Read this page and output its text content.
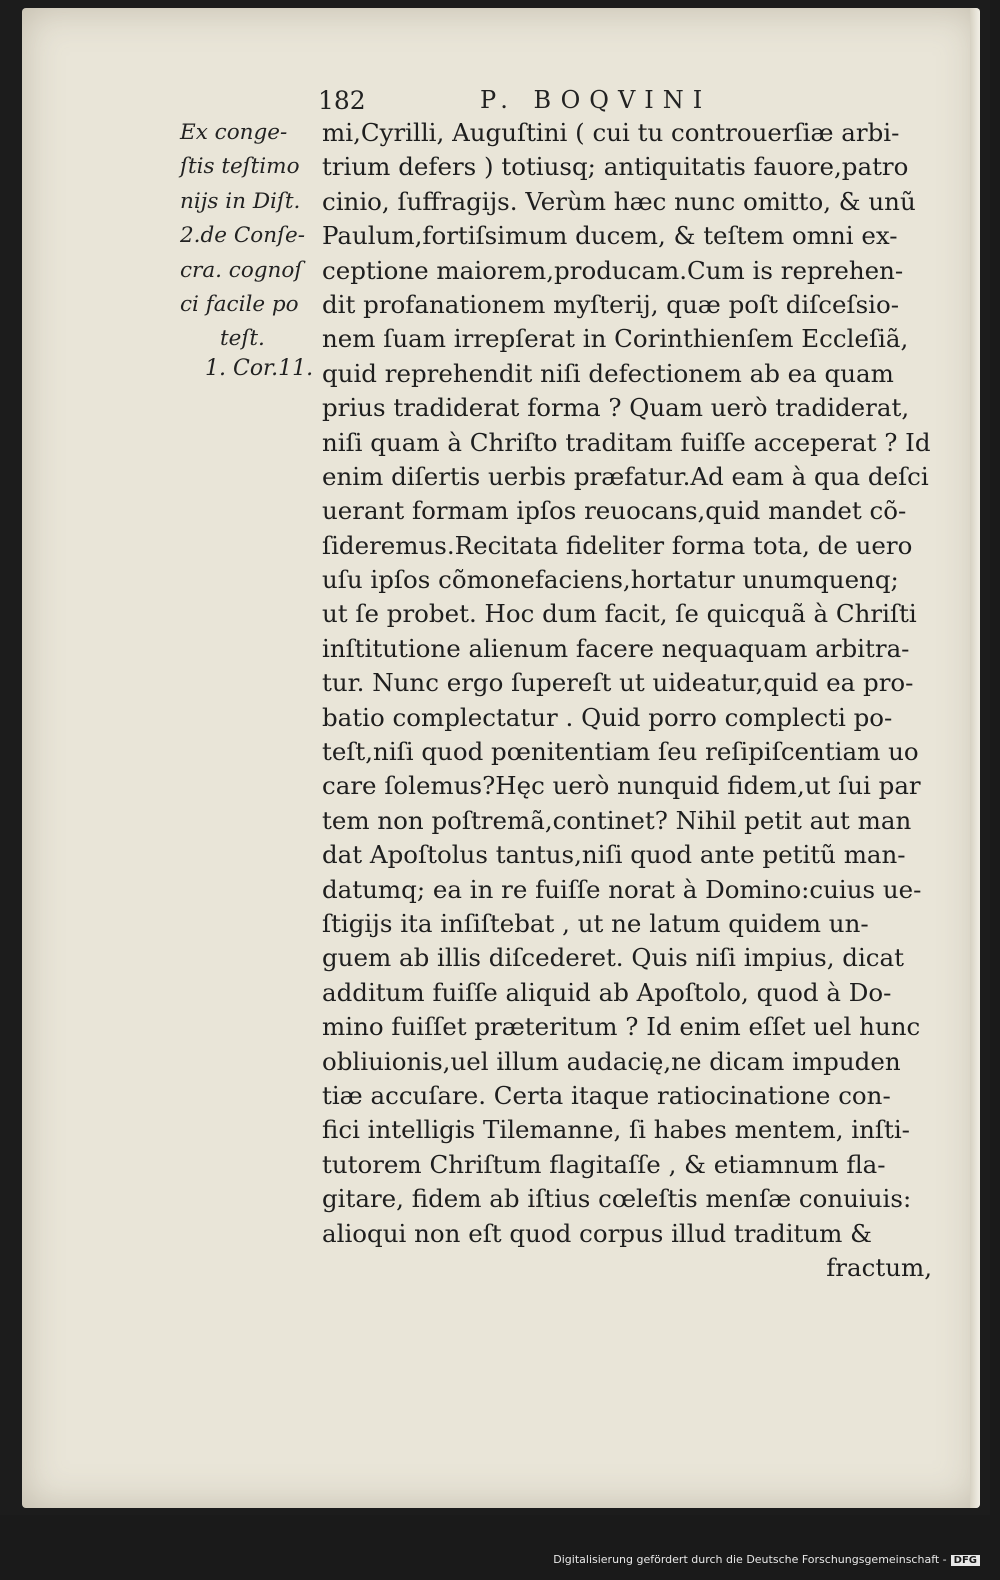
182	P. BOQVINI
Ex conge-
ſtis teſtimo
nijs in Diſt.
2.de Conſe-
cra. cognoſ
ci facile po
teſt.
1. Cor.11.
mi,Cyrilli, Auguſtini ( cui tu controuerſiæ arbi-
trium defers ) totiusq; antiquitatis fauore,patro
cinio, ſuffragijs. Verùm hæc nunc omitto, & unũ
Paulum,fortiſsimum ducem, & teſtem omni ex-
ceptione maiorem,producam.Cum is reprehen-
dit profanationem myſterij, quæ poſt diſceſsio-
nem ſuam irrepſerat in Corinthienſem Eccleſiã,
quid reprehendit niſi defectionem ab ea quam
prius tradiderat forma ? Quam uerò tradiderat,
niſi quam à Chriſto traditam fuiſſe acceperat ? Id
enim diſertis uerbis præfatur.Ad eam à qua deſci
uerant formam ipſos reuocans,quid mandet cõ-
ſideremus.Recitata fideliter forma tota, de uero
uſu ipſos cõmonefaciens,hortatur unumquenq;
ut ſe probet. Hoc dum facit, ſe quicquã à Chriſti
inſtitutione alienum facere nequaquam arbitra-
tur. Nunc ergo ſupereſt ut uideatur,quid ea pro-
batio complectatur . Quid porro complecti po-
teſt,niſi quod pœnitentiam ſeu reſipiſcentiam uo
care ſolemus?Hęc uerò nunquid fidem,ut ſui par
tem non poſtremã,continet? Nihil petit aut man
dat Apoſtolus tantus,niſi quod ante petitũ man-
datumq; ea in re fuiſſe norat à Domino:cuius ue-
ſtigijs ita inſiſtebat , ut ne latum quidem un-
guem ab illis diſcederet. Quis niſi impius, dicat
additum fuiſſe aliquid ab Apoſtolo, quod à Do-
mino fuiſſet præteritum ? Id enim eſſet uel hunc
obliuionis,uel illum audacię,ne dicam impuden
tiæ accuſare. Certa itaque ratiocinatione con-
fici intelligis Tilemanne, ſi habes mentem, inſti-
tutorem Chriſtum flagitaſſe , & etiamnum fla-
gitare, fidem ab iſtius cœleſtis menſæ conuiuis:
alioqui non eſt quod corpus illud traditum &
fractum,
Digitalisierung gefördert durch die Deutsche Forschungsgemeinschaft - DFG
